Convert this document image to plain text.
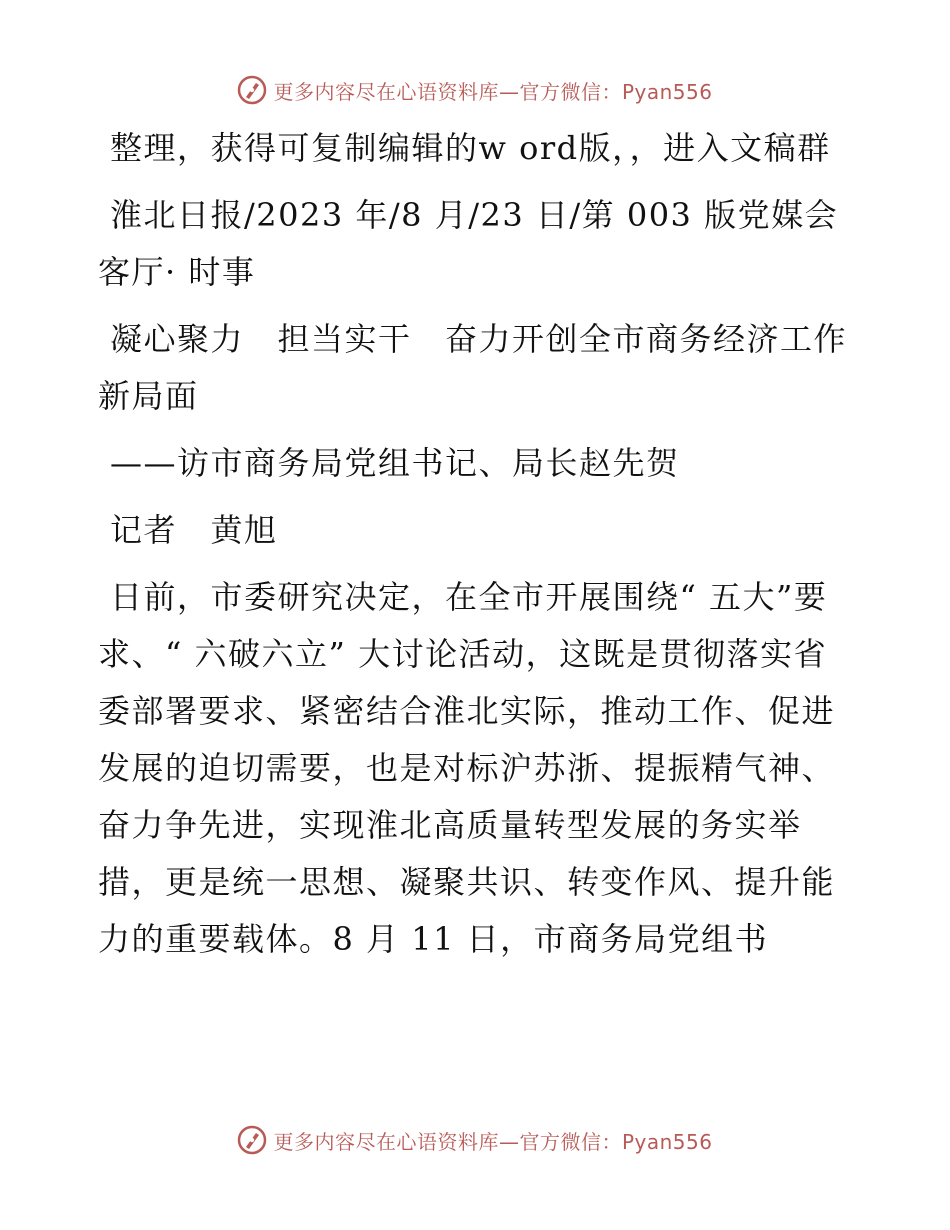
更多内容尽在心语资料库—官方微信：Pyan556

整理，获得可复制编辑的w ord版，，进入文稿群

淮北日报/2023 年/8 月/23 日/第 003 版党媒会客厅· 时事

凝心聚力　担当实干　奋力开创全市商务经济工作新局面

——访市商务局党组书记、局长赵先贺

记者　黄旭

日前，市委研究决定，在全市开展围绕“ 五大”要求、“ 六破六立” 大讨论活动，这既是贯彻落实省委部署要求、紧密结合淮北实际，推动工作、促进发展的迫切需要，也是对标沪苏浙、提振精气神、奋力争先进，实现淮北高质量转型发展的务实举措，更是统一思想、凝聚共识、转变作风、提升能力的重要载体。8 月 11 日，市商务局党组书

更多内容尽在心语资料库—官方微信：Pyan556
